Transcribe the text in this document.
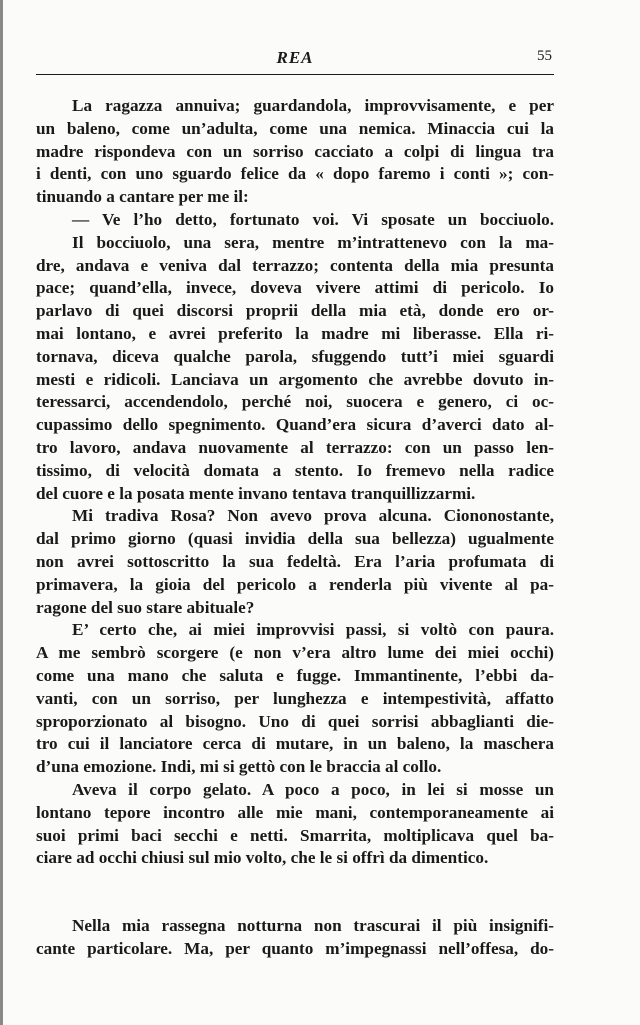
REA	55
La ragazza annuiva; guardandola, improvvisamente, e per
un baleno, come un’adulta, come una nemica. Minaccia cui la
madre rispondeva con un sorriso cacciato a colpi di lingua tra
i denti, con uno sguardo felice da « dopo faremo i conti »; con-
tinuando a cantare per me il:
— Ve l’ho detto, fortunato voi. Vi sposate un bocciuolo.
Il bocciuolo, una sera, mentre m’intrattenevo con la ma-
dre, andava e veniva dal terrazzo; contenta della mia presunta
pace; quand’ella, invece, doveva vivere attimi di pericolo. Io
parlavo di quei discorsi proprii della mia età, donde ero or-
mai lontano, e avrei preferito la madre mi liberasse. Ella ri-
tornava, diceva qualche parola, sfuggendo tutt’i miei sguardi
mesti e ridicoli. Lanciava un argomento che avrebbe dovuto in-
teressarci, accendendolo, perché noi, suocera e genero, ci oc-
cupassimo dello spegnimento. Quand’era sicura d’averci dato al-
tro lavoro, andava nuovamente al terrazzo: con un passo len-
tissimo, di velocità domata a stento. Io fremevo nella radice
del cuore e la posata mente invano tentava tranquillizzarmi.
Mi tradiva Rosa? Non avevo prova alcuna. Ciononostante,
dal primo giorno (quasi invidia della sua bellezza) ugualmente
non avrei sottoscritto la sua fedeltà. Era l’aria profumata di
primavera, la gioia del pericolo a renderla più vivente al pa-
ragone del suo stare abituale?
E’ certo che, ai miei improvvisi passi, si voltò con paura.
A me sembrò scorgere (e non v’era altro lume dei miei occhi)
come una mano che saluta e fugge. Immantinente, l’ebbi da-
vanti, con un sorriso, per lunghezza e intempestività, affatto
sproporzionato al bisogno. Uno di quei sorrisi abbaglianti die-
tro cui il lanciatore cerca di mutare, in un baleno, la maschera
d’una emozione. Indi, mi si gettò con le braccia al collo.
Aveva il corpo gelato. A poco a poco, in lei si mosse un
lontano tepore incontro alle mie mani, contemporaneamente ai
suoi primi baci secchi e netti. Smarrita, moltiplicava quel ba-
ciare ad occhi chiusi sul mio volto, che le si offrì da dimentico.
Nella mia rassegna notturna non trascurai il più insignifi-
cante particolare. Ma, per quanto m’impegnassi nell’offesa, do-
